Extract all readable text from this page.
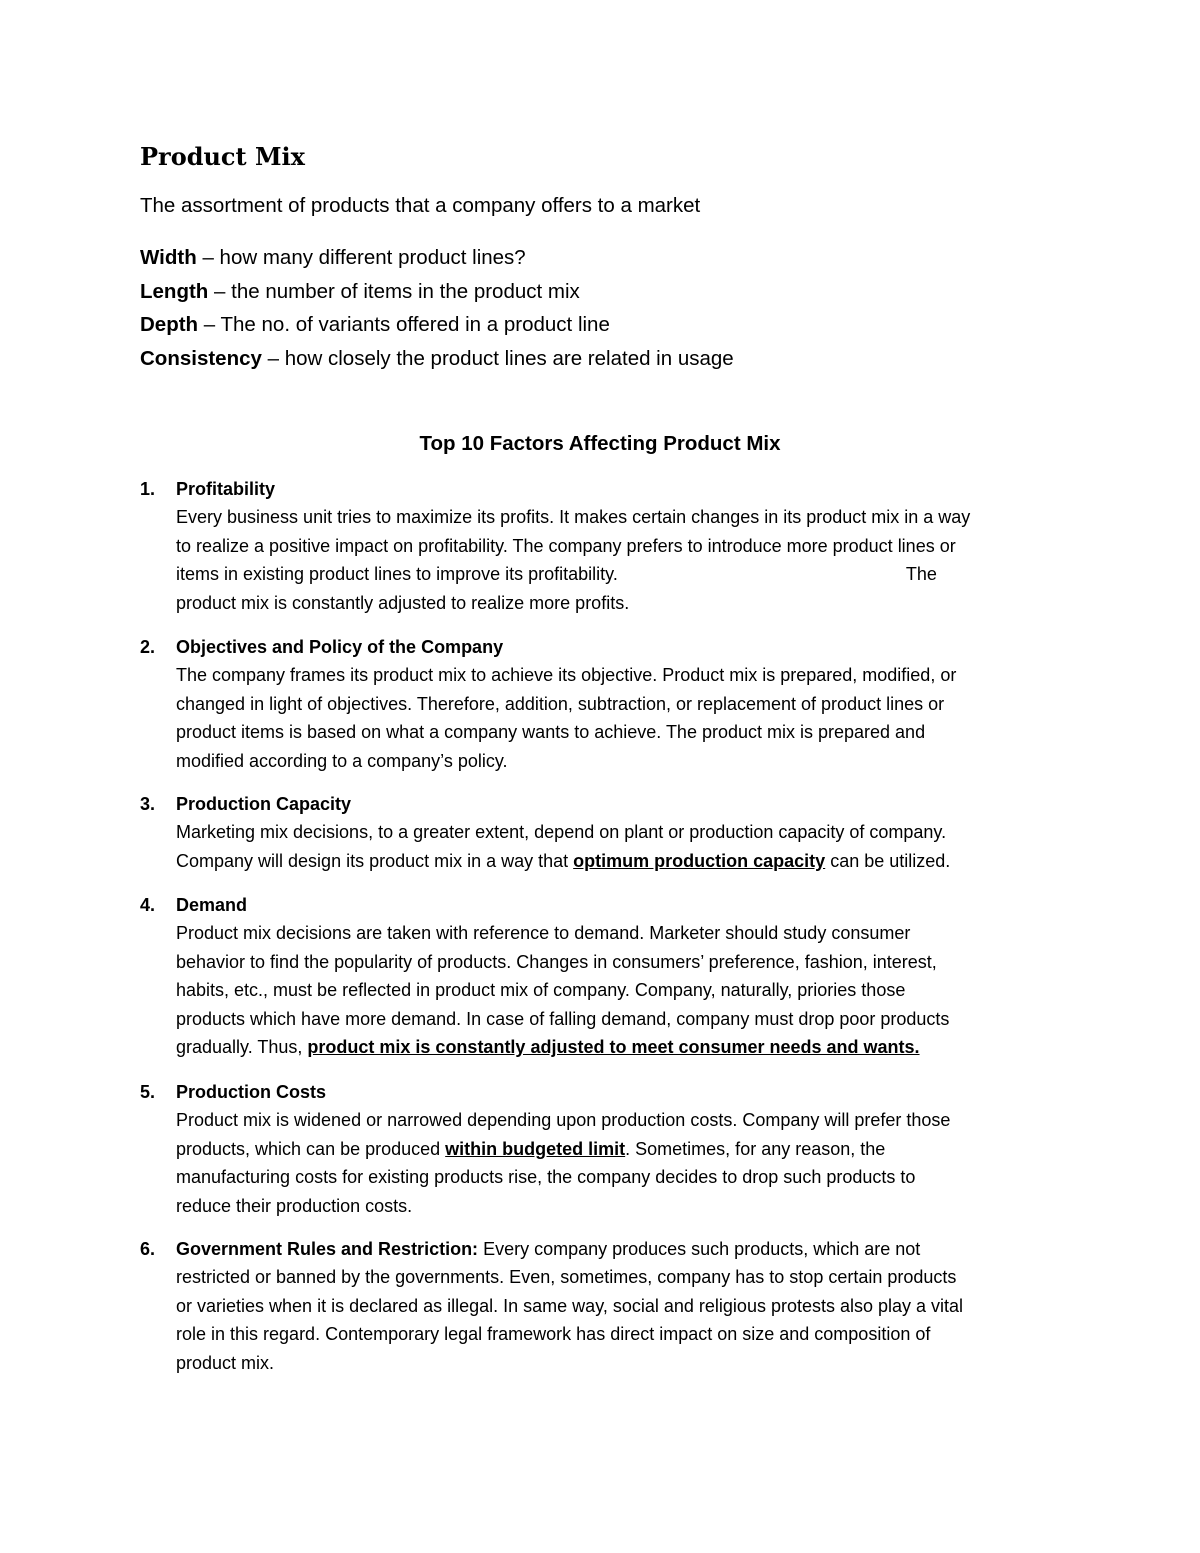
Product Mix

The assortment of products that a company offers to a market

Width – how many different product lines?
Length – the number of items in the product mix
Depth – The no. of variants offered in a product line
Consistency – how closely the product lines are related in usage
Top 10 Factors Affecting Product Mix
1.	Profitability
Every business unit tries to maximize its profits. It makes certain changes in its product mix in a way
to realize a positive impact on profitability. The company prefers to introduce more product lines or
items in existing product lines to improve its profitability.	The
product mix is constantly adjusted to realize more profits.
2.	Objectives and Policy of the Company
The company frames its product mix to achieve its objective. Product mix is prepared, modified, or
changed in light of objectives. Therefore, addition, subtraction, or replacement of product lines or
product items is based on what a company wants to achieve. The product mix is prepared and
modified according to a company’s policy.
3.	Production Capacity
Marketing mix decisions, to a greater extent, depend on plant or production capacity of company.
Company will design its product mix in a way that optimum production capacity can be utilized.
4.	Demand
Product mix decisions are taken with reference to demand. Marketer should study consumer
behavior to find the popularity of products. Changes in consumers’ preference, fashion, interest,
habits, etc., must be reflected in product mix of company. Company, naturally, priories those
products which have more demand. In case of falling demand, company must drop poor products
gradually. Thus, product mix is constantly adjusted to meet consumer needs and wants.
5.	Production Costs
Product mix is widened or narrowed depending upon production costs. Company will prefer those
products, which can be produced within budgeted limit. Sometimes, for any reason, the
manufacturing costs for existing products rise, the company decides to drop such products to
reduce their production costs.
6.	Government Rules and Restriction: Every company produces such products, which are not
restricted or banned by the governments. Even, sometimes, company has to stop certain products
or varieties when it is declared as illegal. In same way, social and religious protests also play a vital
role in this regard. Contemporary legal framework has direct impact on size and composition of
product mix.
